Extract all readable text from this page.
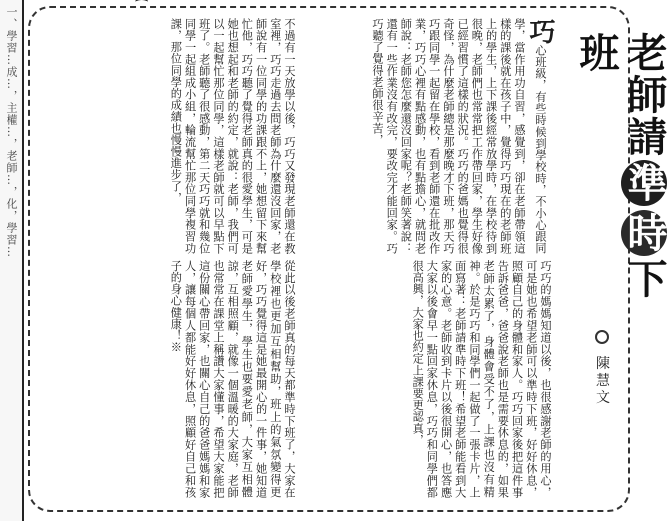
一、學習…成…，主權…，老師…，化，學習…	⁀
老師請準時下班
陳慧文
巧心班級，有些時候到學校時，不小心跟同學，當作用功自習，感覺到，卻在老師帶領這樣的課後就在孩子中，覺得巧巧現在的老師班上的學生，上下課後經常放學時，在學校待到很晚，老師們也常常把工作帶回家，學生好像已經習慣了這樣的狀況。巧巧的爸媽也覺得很奇怪，為什麼老師總是那麼晚才下班，那天巧巧跟同學一起留在學校，看到老師還在批改作業，巧巧心裡有點感動，也有點擔心，就問老師說：老師您怎麼還沒回家呢？老師笑著說：還有一些作業沒有改完，要改完才能回家。巧巧聽了覺得老師很辛苦，
巧巧的媽媽知道以後，也很感謝老師的用心，可是她也希望老師可以準時下班，好好休息，照顧自己的身體和家人。巧巧回家後把這件事告訴爸爸，爸爸說老師也是需要休息的，如果老師太累了，身體會受不了，上課也沒有精神。於是巧巧和同學們一起做了一張卡片，上面寫著：老師請準時下班！希望老師能看到大家的心意。老師收到卡片以後很開心，也答應大家以後會早一點回家休息，巧巧和同學們都很高興，大家也約定上課要更認真，
不過有一天放學以後，巧巧又發現老師還在教室裡，巧巧走過去問老師為什麼還沒回家，老師說有一位同學的功課跟不上，她想留下來幫忙他，巧巧聽了覺得老師真的很愛學生，可是她也想起和老師的約定，就說：老師，我們可以一起幫忙那位同學，這樣老師就可以早點下班了。老師聽了很感動，第二天巧巧就和幾位同學一起組成小組，輪流幫忙那位同學複習功課，那位同學的成績也慢慢進步了，
從此以後老師真的每天都準時下班了，大家在學校裡也更加互相幫助，班上的氣氛變得更好，巧巧覺得這是她最開心的一件事，她知道老師愛學生，學生也要愛老師，大家互相體諒，互相照顧，就像一個溫暖的大家庭，老師也常常在課堂上稱讚大家懂事，希望大家能把這份關心帶回家，也關心自己的爸爸媽媽和家人，讓每個人都能好好休息，照顧好自己和孩子的身心健康！※
